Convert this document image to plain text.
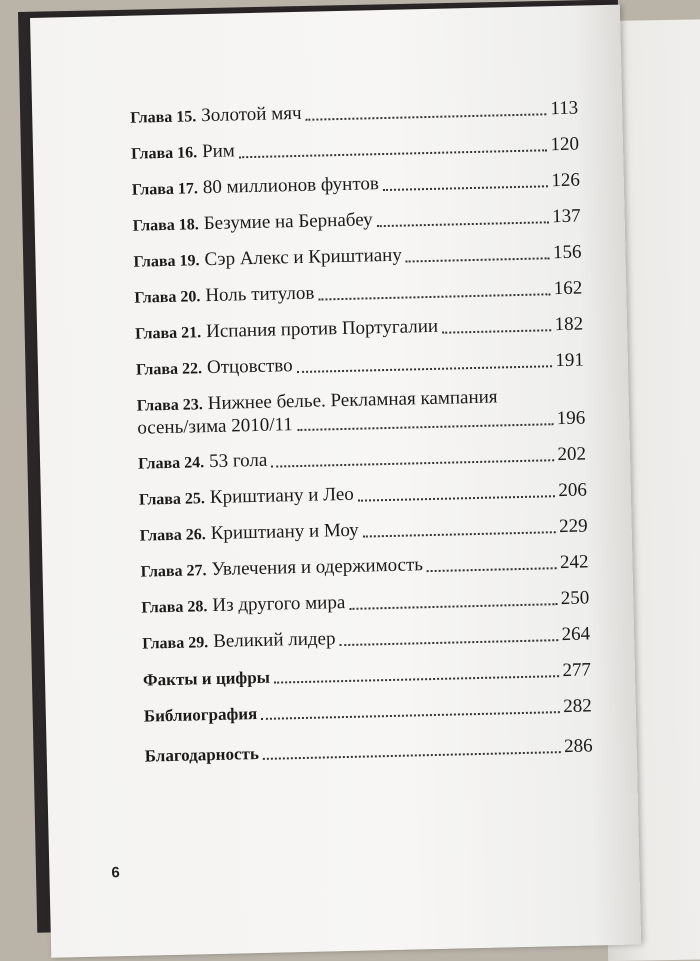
Глава 15. Золотой мяч	113
Глава 16. Рим	120
Глава 17. 80 миллионов фунтов	126
Глава 18. Безумие на Бернабеу	137
Глава 19. Сэр Алекс и Криштиану	156
Глава 20. Ноль титулов	162
Глава 21. Испания против Португалии	182
Глава 22. Отцовство	191
Глава 23. Нижнее белье. Рекламная кампания
осень/зима 2010/11	196
Глава 24. 53 гола	202
Глава 25. Криштиану и Лео	206
Глава 26. Криштиану и Моу	229
Глава 27. Увлечения и одержимость	242
Глава 28. Из другого мира	250
Глава 29. Великий лидер	264
Факты и цифры	277
Библиография	282
Благодарность	286
6
